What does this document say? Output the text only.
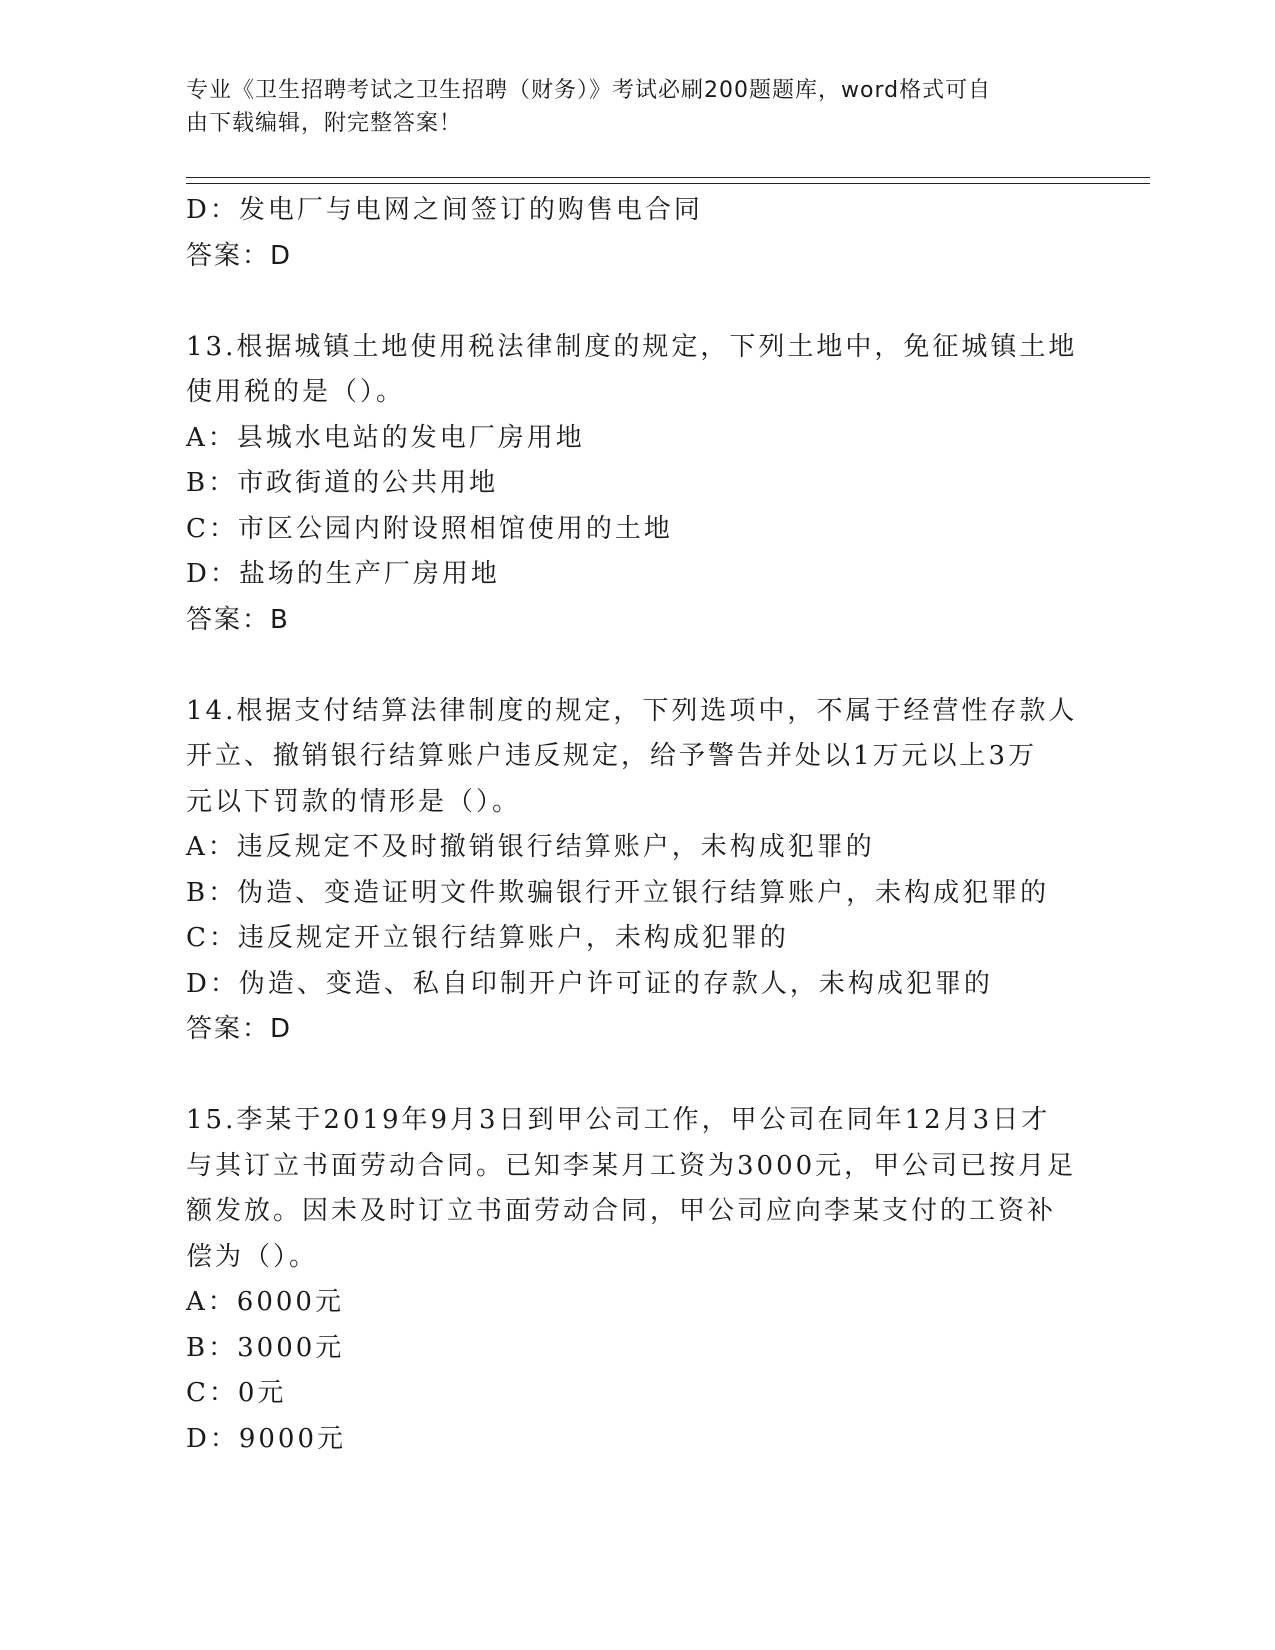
专业《卫生招聘考试之卫生招聘（财务）》考试必刷200题题库，word格式可自
由下载编辑，附完整答案！
D：发电厂与电网之间签订的购售电合同
答案：D
13.根据城镇土地使用税法律制度的规定，下列土地中，免征城镇土地
使用税的是（）。
A：县城水电站的发电厂房用地
B：市政街道的公共用地
C：市区公园内附设照相馆使用的土地
D：盐场的生产厂房用地
答案：B
14.根据支付结算法律制度的规定，下列选项中，不属于经营性存款人
开立、撤销银行结算账户违反规定，给予警告并处以1万元以上3万
元以下罚款的情形是（）。
A：违反规定不及时撤销银行结算账户，未构成犯罪的
B：伪造、变造证明文件欺骗银行开立银行结算账户，未构成犯罪的
C：违反规定开立银行结算账户，未构成犯罪的
D：伪造、变造、私自印制开户许可证的存款人，未构成犯罪的
答案：D
15.李某于2019年9月3日到甲公司工作，甲公司在同年12月3日才
与其订立书面劳动合同。已知李某月工资为3000元，甲公司已按月足
额发放。因未及时订立书面劳动合同，甲公司应向李某支付的工资补
偿为（）。
A：6000元
B：3000元
C：0元
D：9000元
